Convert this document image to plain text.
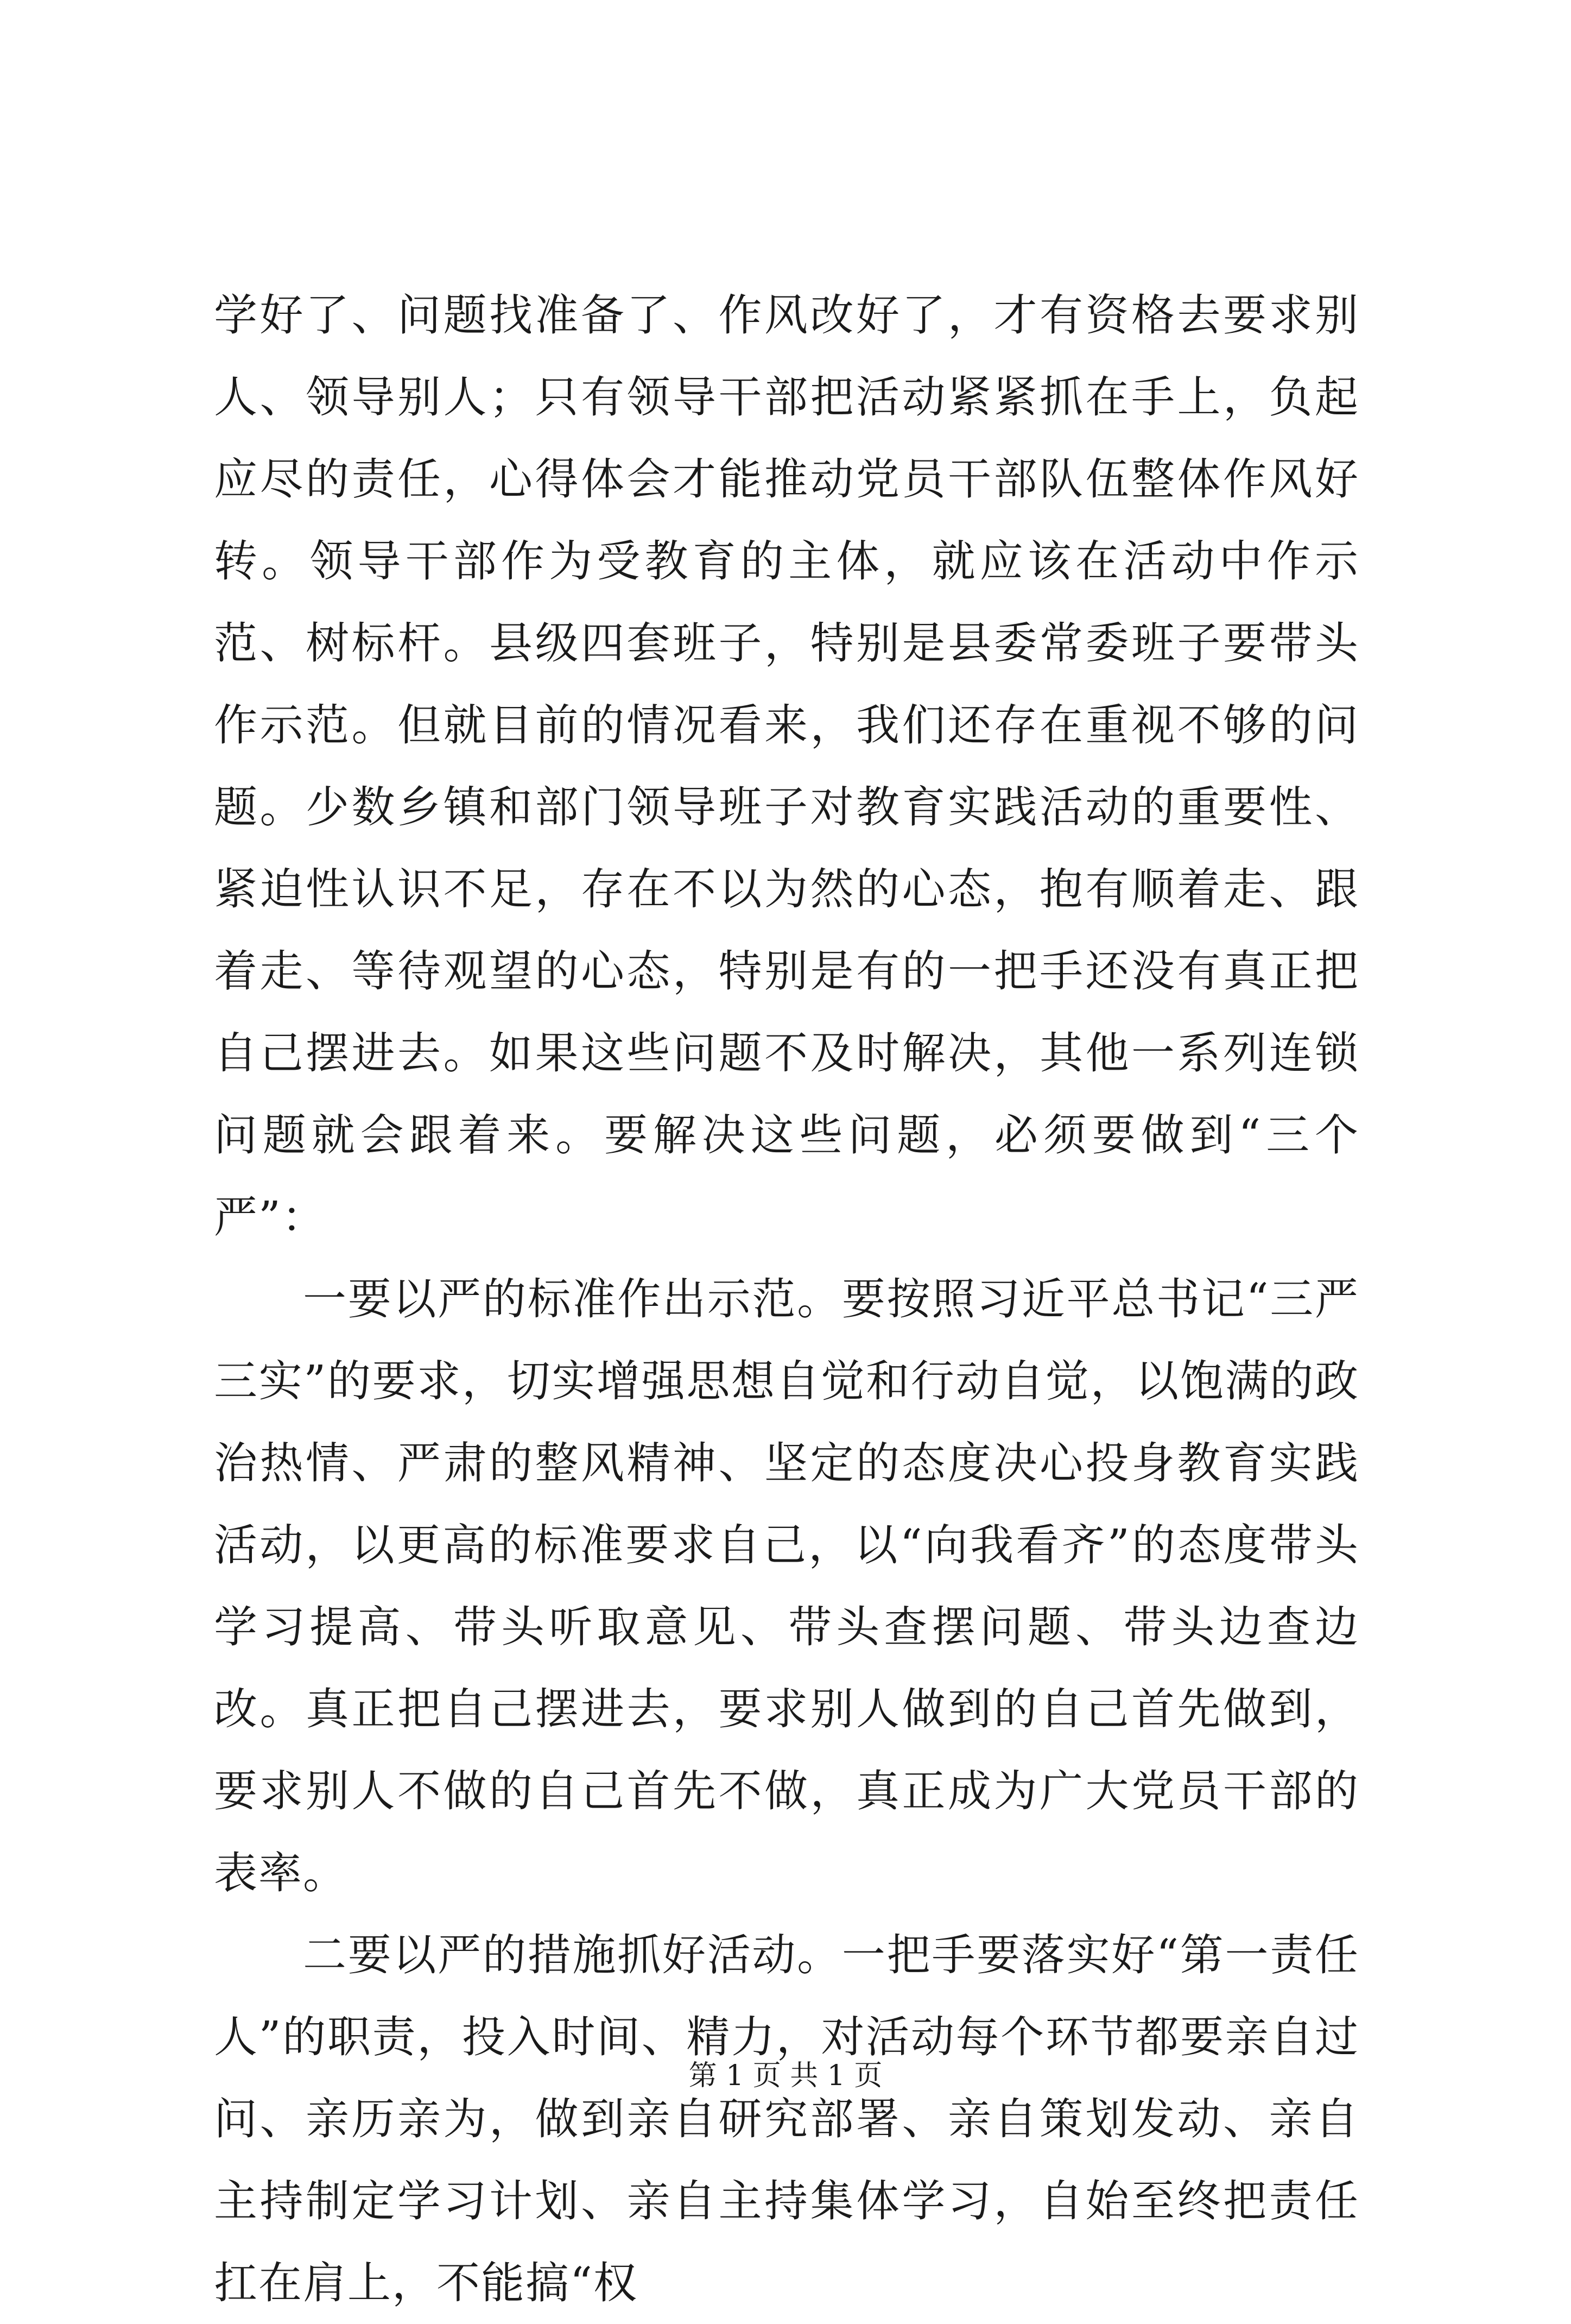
学好了、问题找准备了、作风改好了，才有资格去要求别人、领导别人；只有领导干部把活动紧紧抓在手上，负起应尽的责任，心得体会才能推动党员干部队伍整体作风好转。领导干部作为受教育的主体，就应该在活动中作示范、树标杆。县级四套班子，特别是县委常委班子要带头作示范。但就目前的情况看来，我们还存在重视不够的问题。少数乡镇和部门领导班子对教育实践活动的重要性、紧迫性认识不足，存在不以为然的心态，抱有顺着走、跟着走、等待观望的心态，特别是有的一把手还没有真正把自己摆进去。如果这些问题不及时解决，其他一系列连锁问题就会跟着来。要解决这些问题，必须要做到“三个严”：

一要以严的标准作出示范。要按照习近平总书记“三严三实”的要求，切实增强思想自觉和行动自觉，以饱满的政治热情、严肃的整风精神、坚定的态度决心投身教育实践活动，以更高的标准要求自己，以“向我看齐”的态度带头学习提高、带头听取意见、带头查摆问题、带头边查边改。真正把自己摆进去，要求别人做到的自己首先做到，要求别人不做的自己首先不做，真正成为广大党员干部的表率。

二要以严的措施抓好活动。一把手要落实好“第一责任人”的职责，投入时间、精力，对活动每个环节都要亲自过问、亲历亲为，做到亲自研究部署、亲自策划发动、亲自主持制定学习计划、亲自主持集体学习，自始至终把责任扛在肩上，不能搞“权

第 1 页 共 1 页
